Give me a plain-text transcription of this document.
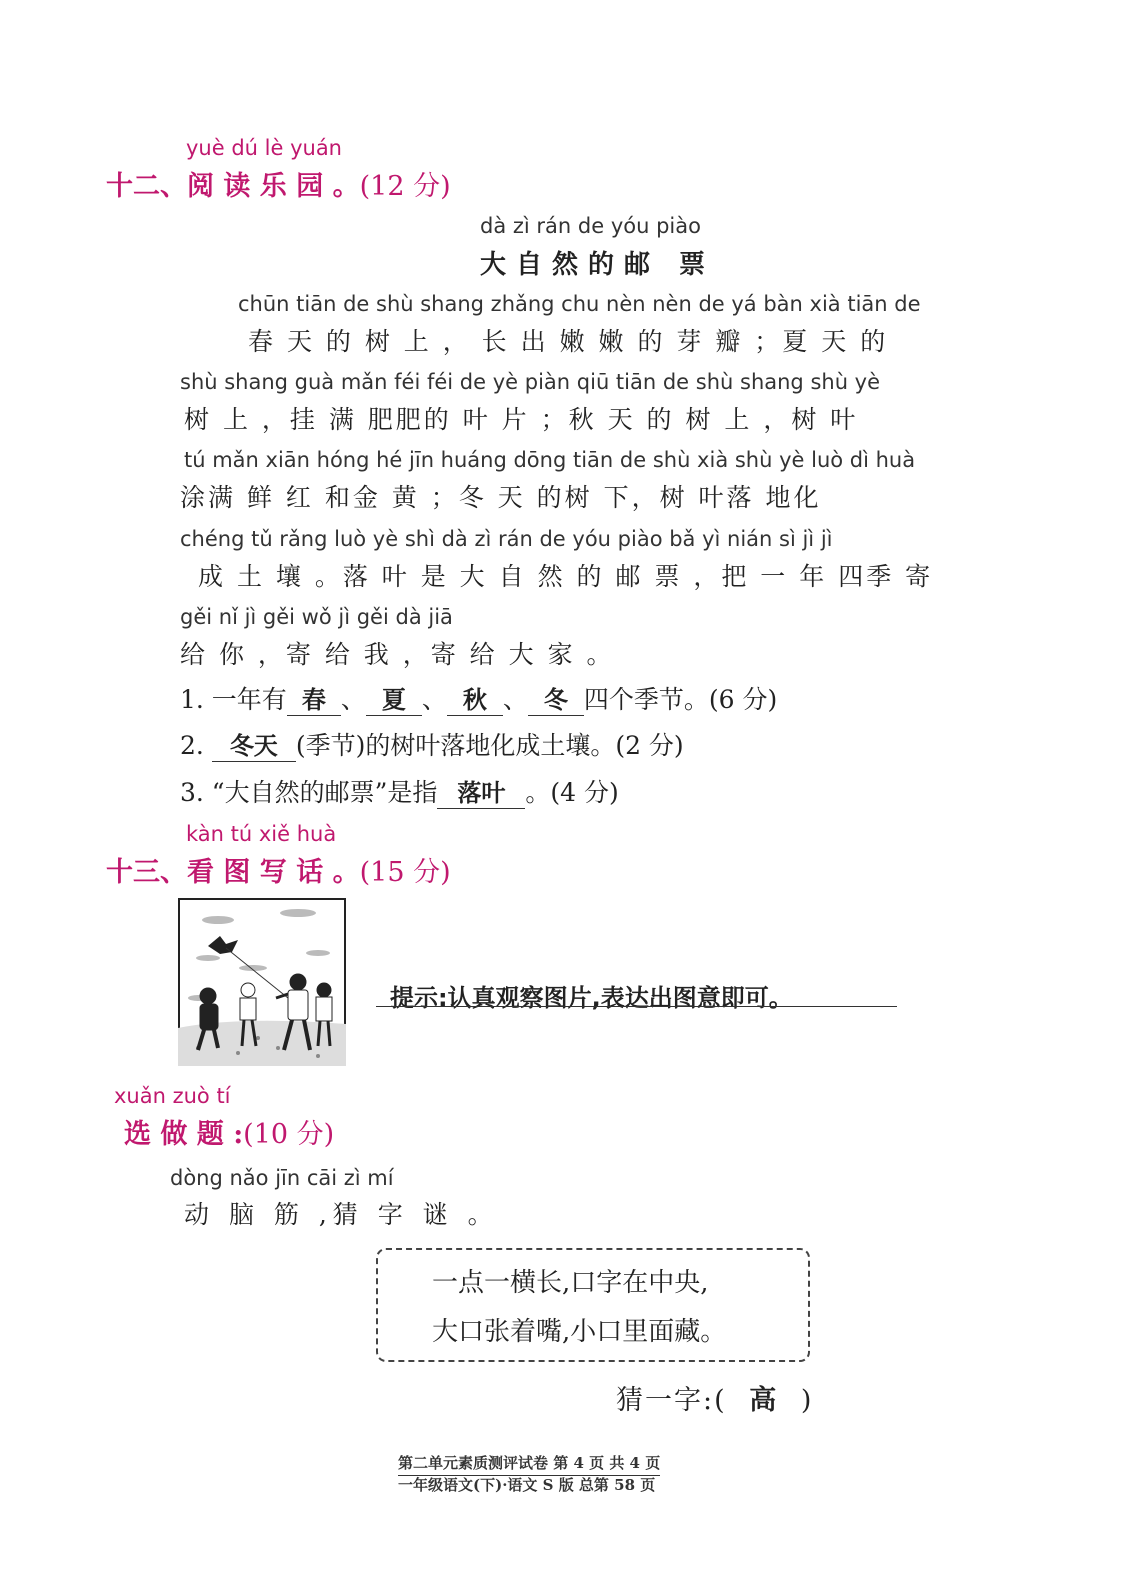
yuè dú lè yuán
十二、阅 读 乐 园 。(12 分)
dà zì rán de yóu piào
大自然的邮 票
chūn tiān de shù shang zhǎng chu nèn nèn de yá bàn xià tiān de
春 天 的 树 上 ， 长 出 嫩 嫩 的 芽 瓣 ；夏 天 的
shù shang guà mǎn féi féi de yè piàn qiū tiān de shù shang shù yè
树 上 ，挂 满 肥肥的 叶 片 ；秋 天 的 树 上 ，树 叶
tú mǎn xiān hóng hé jīn huáng dōng tiān de shù xià shù yè luò dì huà
涂满 鲜 红 和金 黄 ；冬 天 的树 下，树 叶落 地化
chéng tǔ rǎng luò yè shì dà zì rán de yóu piào bǎ yì nián sì jì jì
成 土 壤 。落 叶 是 大 自 然 的 邮 票 ，把 一 年 四季 寄
gěi nǐ jì gěi wǒ jì gěi dà jiā
给 你 ，寄 给 我 ，寄 给 大 家 。
1. 一年有 春 、 夏 、 秋 、 冬 四个季节。(6 分)
2. 冬天 (季节)的树叶落地化成土壤。(2 分)
3. “大自然的邮票”是指 落叶 。(4 分)
kàn tú xiě huà
十三、看 图 写 话 。(15 分)
提示:认真观察图片,表达出图意即可。
xuǎn zuò tí
选 做 题 :(10 分)
dòng nǎo jīn cāi zì mí
动 脑 筋 ,猜 字 谜 。
一点一横长,口字在中央,
大口张着嘴,小口里面藏。
猜一字:( 高 )
第二单元素质测评试卷 第 4 页 共 4 页
一年级语文(下)·语文 S 版 总第 58 页
